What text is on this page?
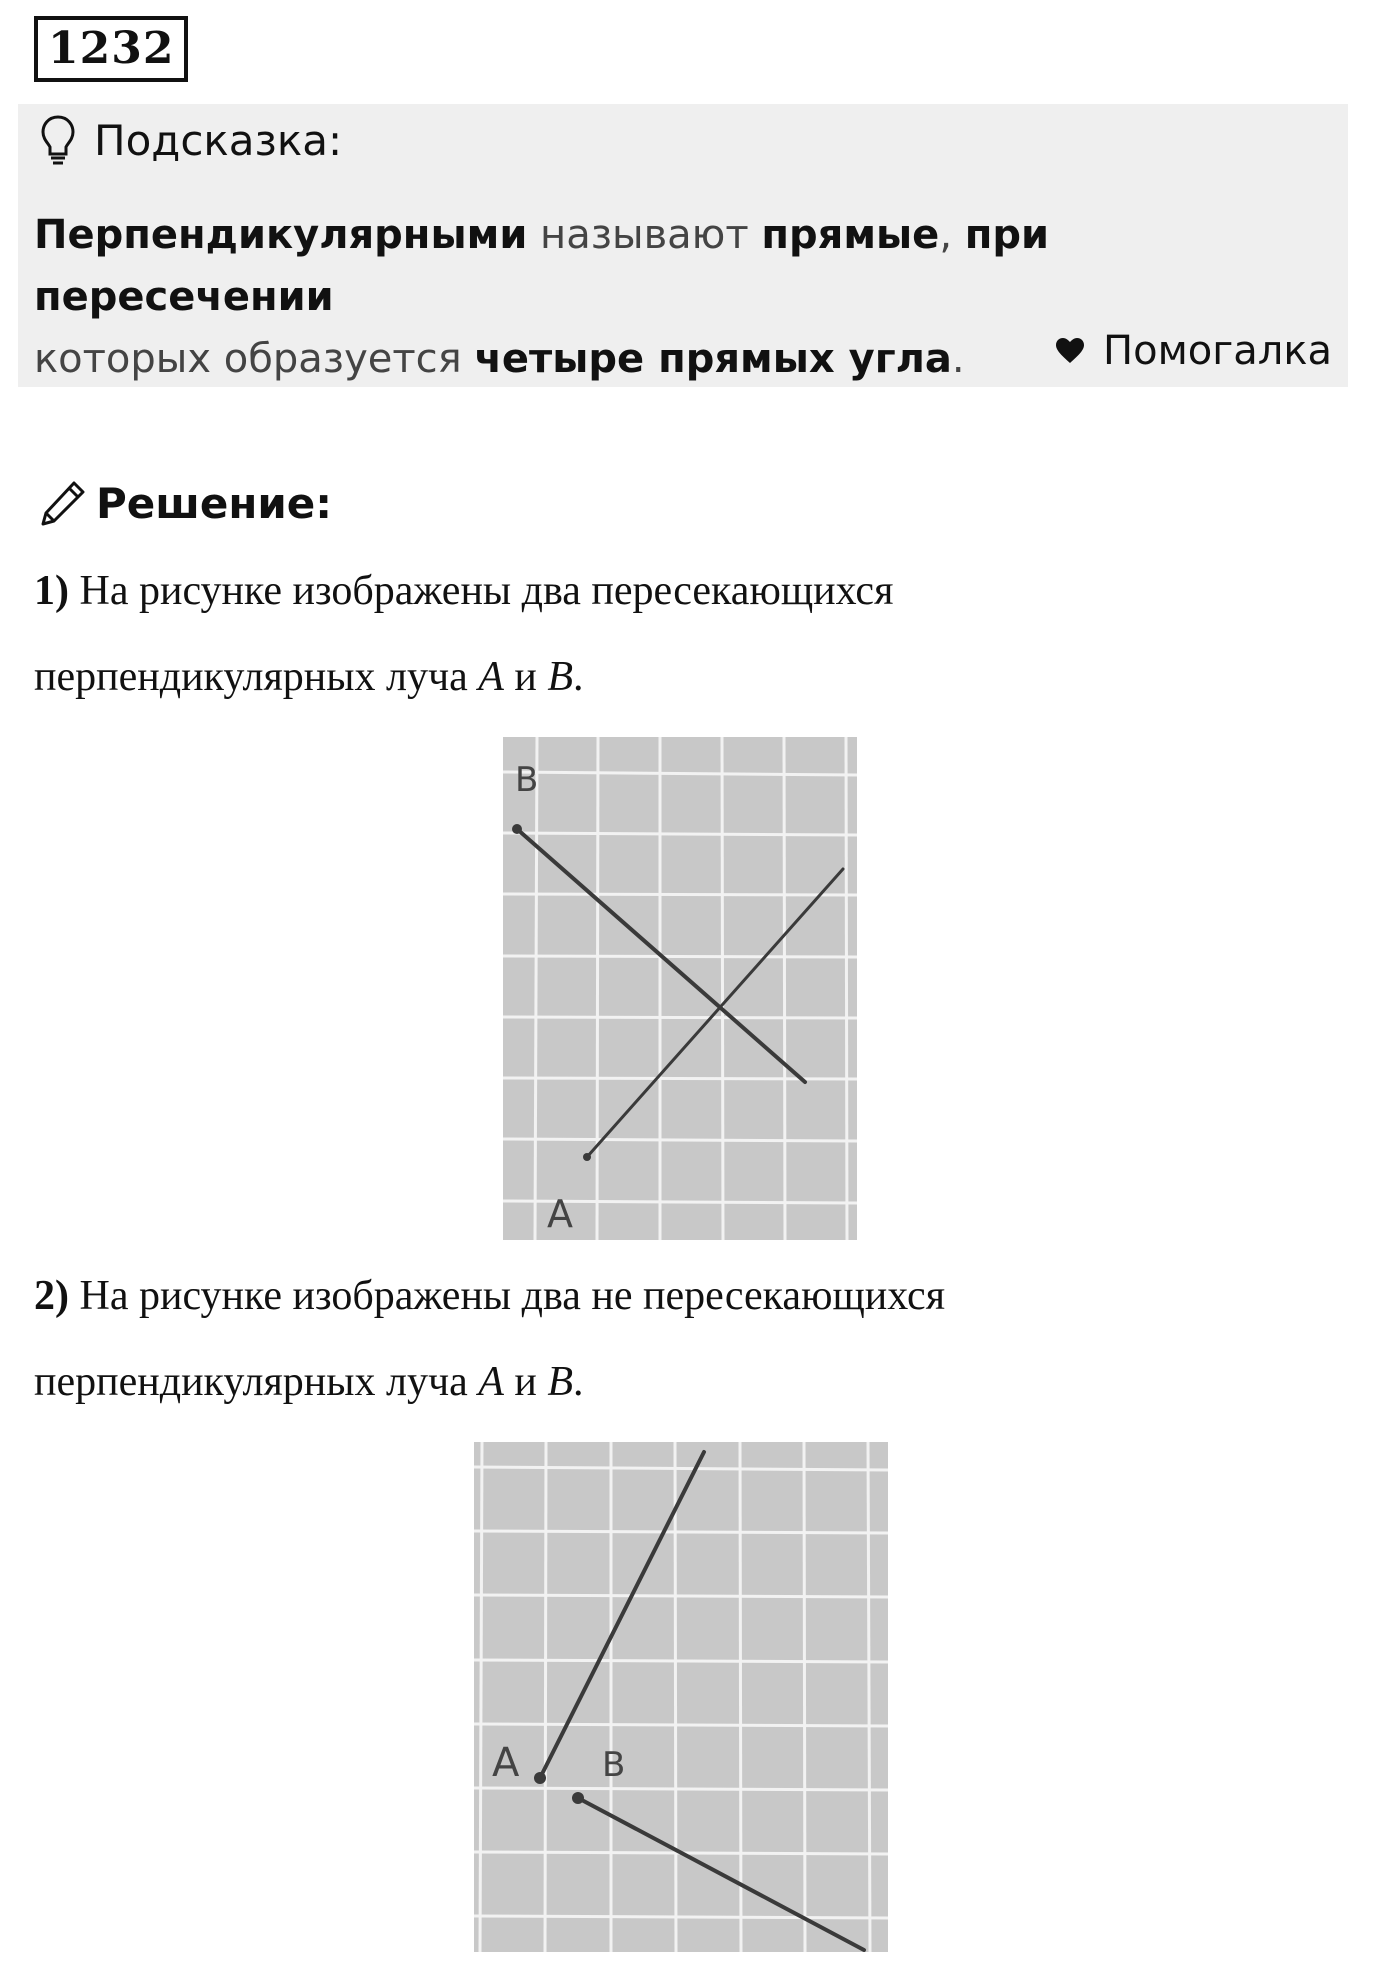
1232
Подсказка:
Перпендикулярными называют прямые, при пересечении
которых образуется четыре прямых угла.	Помогалка
Решение:
1) На рисунке изображены два пересекающихся
перпендикулярных луча A и B.
B
A
2) На рисунке изображены два не пересекающихся
перпендикулярных луча A и B.
A B
